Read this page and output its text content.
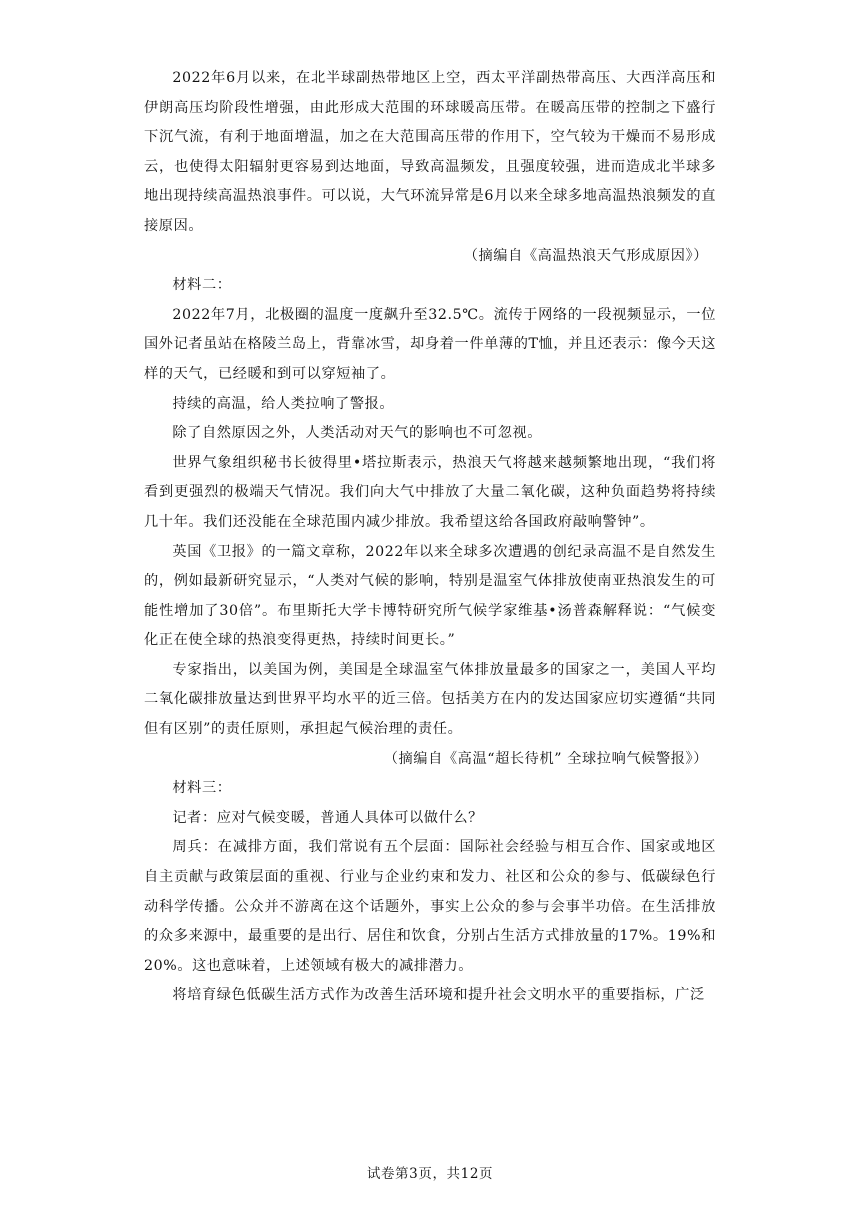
2022年6月以来，在北半球副热带地区上空，西太平洋副热带高压、大西洋高压和伊朗高压均阶段性增强，由此形成大范围的环球暖高压带。在暖高压带的控制之下盛行下沉气流，有利于地面增温，加之在大范围高压带的作用下，空气较为干燥而不易形成云，也使得太阳辐射更容易到达地面，导致高温频发，且强度较强，进而造成北半球多地出现持续高温热浪事件。可以说，大气环流异常是6月以来全球多地高温热浪频发的直接原因。

（摘编自《高温热浪天气形成原因》）

材料二：

2022年7月，北极圈的温度一度飙升至32.5℃。流传于网络的一段视频显示，一位国外记者虽站在格陵兰岛上，背靠冰雪，却身着一件单薄的T恤，并且还表示：像今天这样的天气，已经暖和到可以穿短袖了。

持续的高温，给人类拉响了警报。

除了自然原因之外，人类活动对天气的影响也不可忽视。

世界气象组织秘书长彼得里•塔拉斯表示，热浪天气将越来越频繁地出现，“我们将看到更强烈的极端天气情况。我们向大气中排放了大量二氧化碳，这种负面趋势将持续几十年。我们还没能在全球范围内减少排放。我希望这给各国政府敲响警钟”。

英国《卫报》的一篇文章称，2022年以来全球多次遭遇的创纪录高温不是自然发生的，例如最新研究显示，“人类对气候的影响，特别是温室气体排放使南亚热浪发生的可能性增加了30倍”。布里斯托大学卡博特研究所气候学家维基•汤普森解释说：“气候变化正在使全球的热浪变得更热，持续时间更长。”

专家指出，以美国为例，美国是全球温室气体排放量最多的国家之一，美国人平均二氧化碳排放量达到世界平均水平的近三倍。包括美方在内的发达国家应切实遵循“共同但有区别”的责任原则，承担起气候治理的责任。

（摘编自《高温“超长待机” 全球拉响气候警报》）

材料三：

记者：应对气候变暖，普通人具体可以做什么？

周兵：在减排方面，我们常说有五个层面：国际社会经验与相互合作、国家或地区自主贡献与政策层面的重视、行业与企业约束和发力、社区和公众的参与、低碳绿色行动科学传播。公众并不游离在这个话题外，事实上公众的参与会事半功倍。在生活排放的众多来源中，最重要的是出行、居住和饮食，分别占生活方式排放量的17%。19%和20%。这也意味着，上述领域有极大的减排潜力。

将培育绿色低碳生活方式作为改善生活环境和提升社会文明水平的重要指标，广泛

试卷第3页，共12页
